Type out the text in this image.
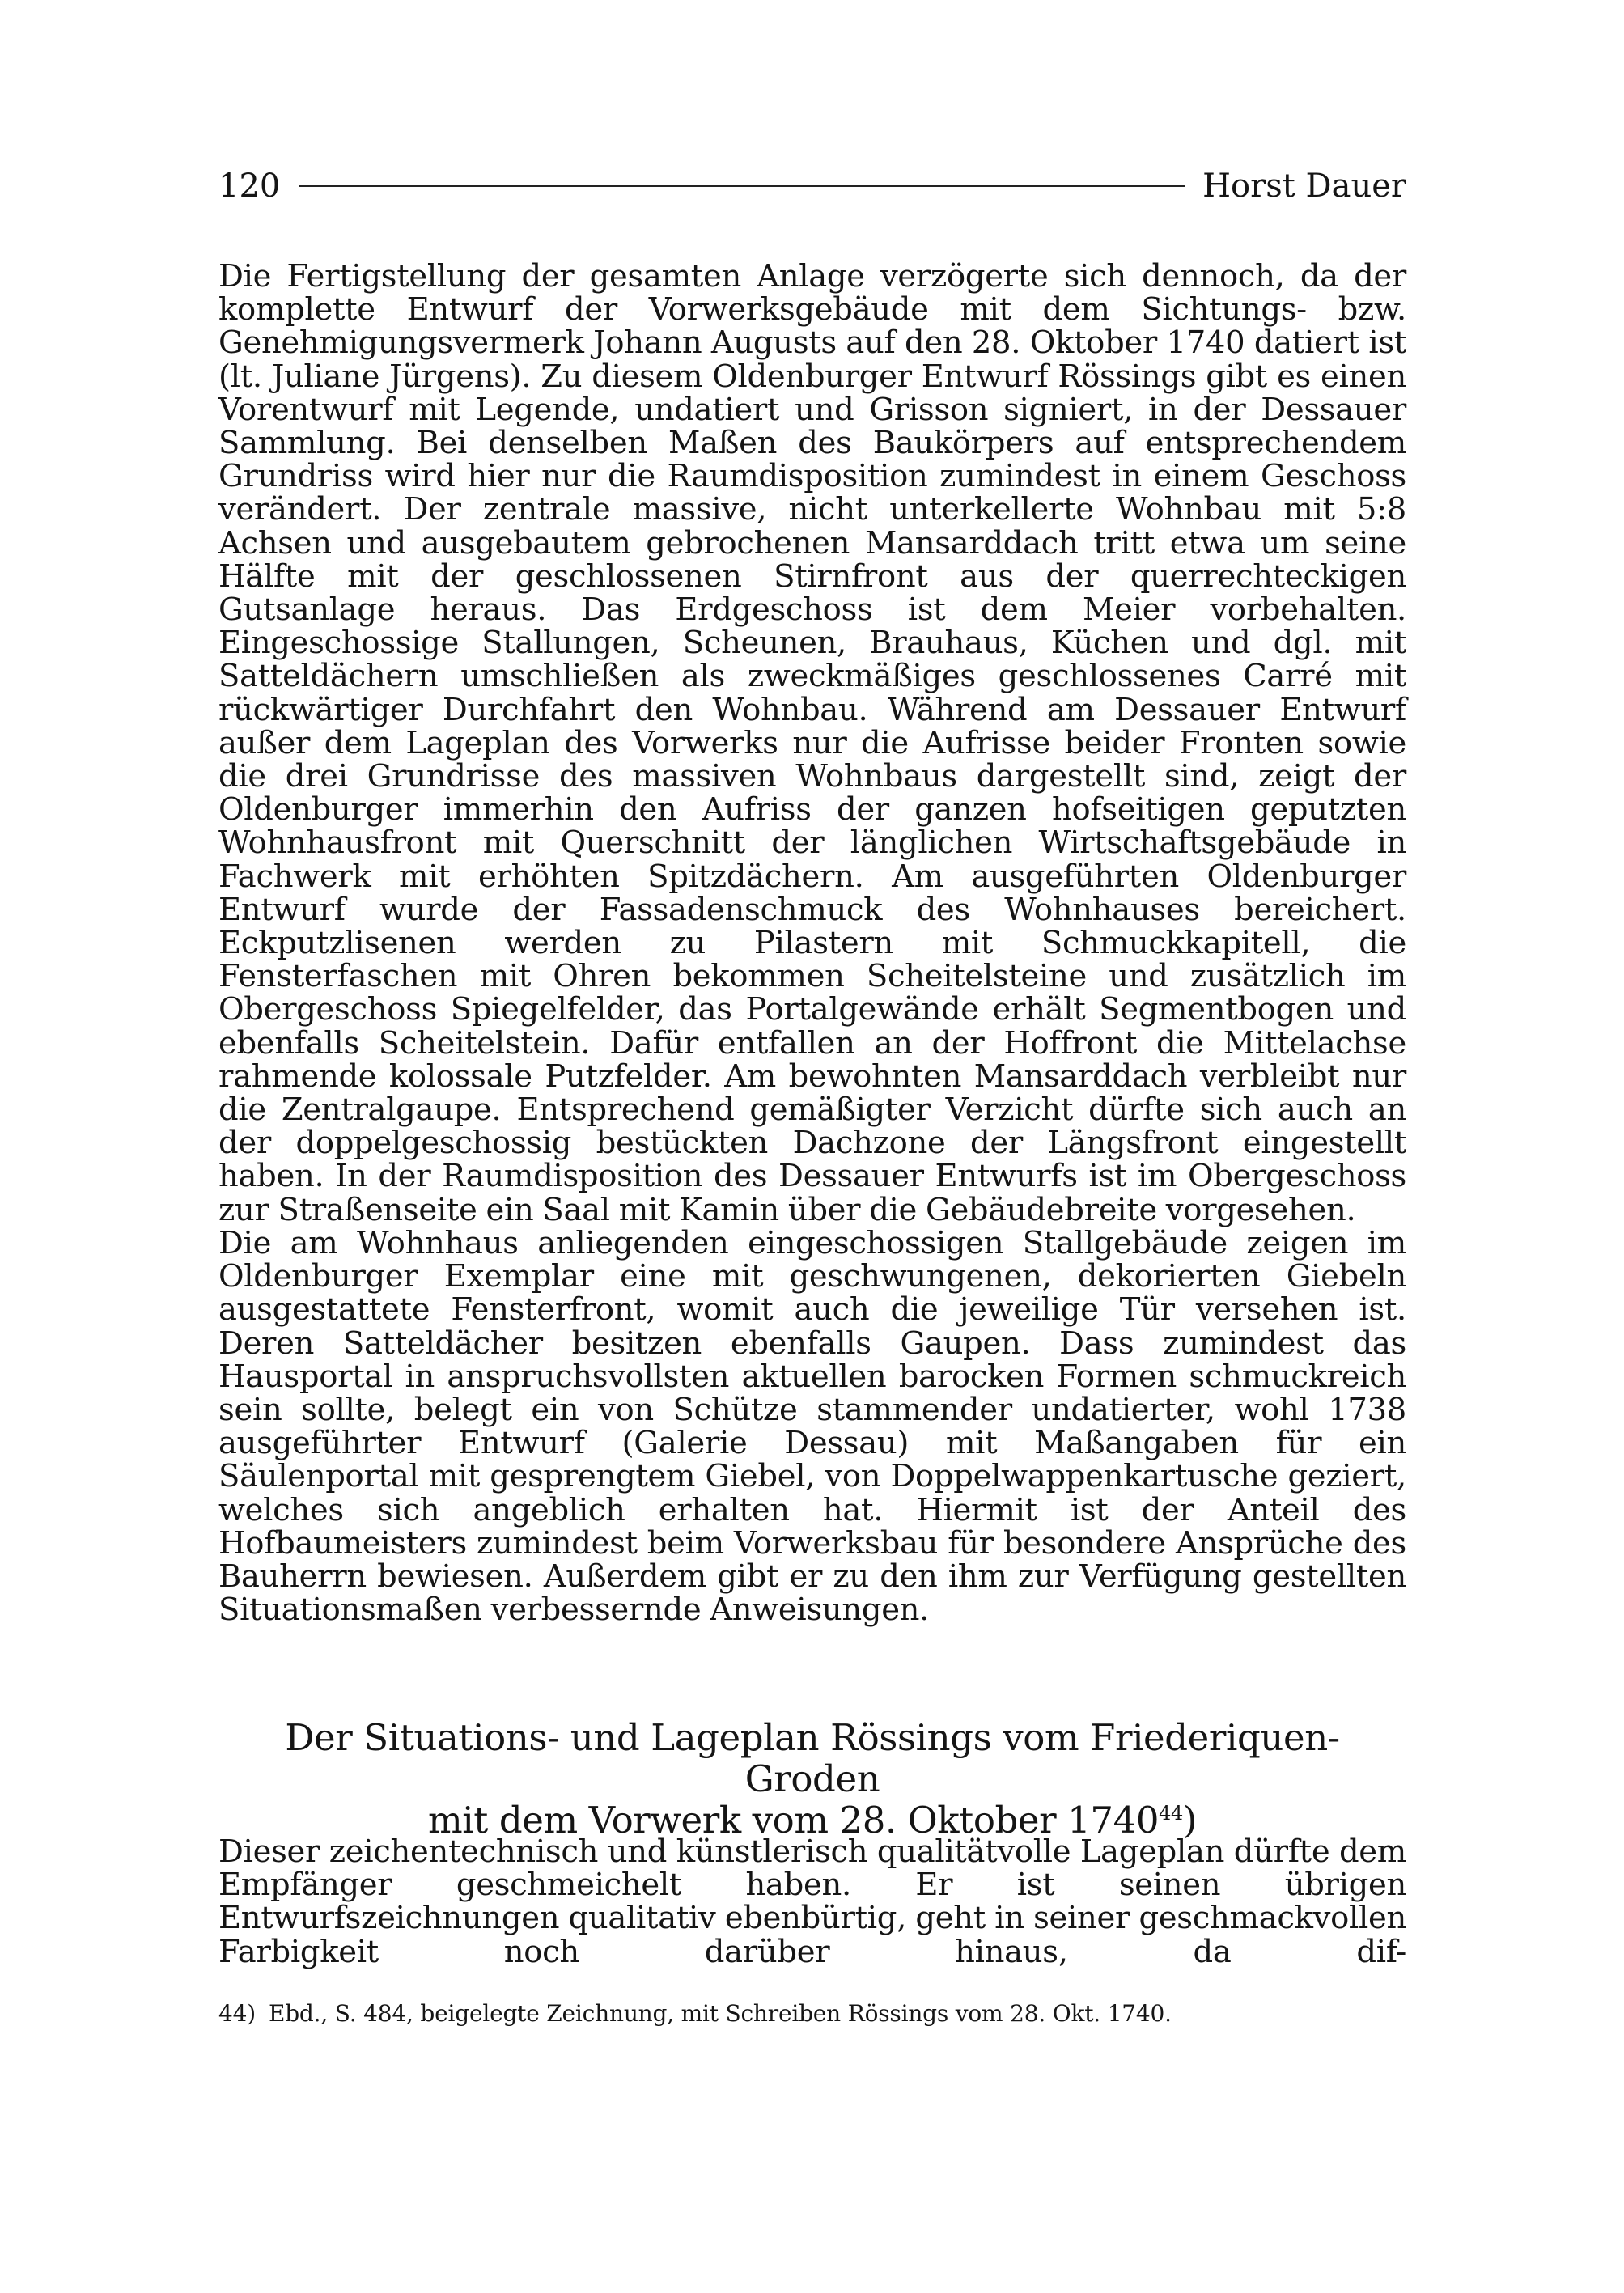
120	Horst Dauer

Die Fertigstellung der gesamten Anlage verzögerte sich dennoch, da der komplette Entwurf der Vorwerksgebäude mit dem Sichtungs- bzw. Genehmigungsvermerk Johann Augusts auf den 28. Oktober 1740 datiert ist (lt. Juliane Jürgens). Zu diesem Oldenburger Entwurf Rössings gibt es einen Vorentwurf mit Legende, undatiert und Grisson signiert, in der Dessauer Sammlung. Bei denselben Maßen des Baukörpers auf entsprechendem Grundriss wird hier nur die Raumdisposition zumindest in einem Geschoss verändert. Der zentrale massive, nicht unterkellerte Wohnbau mit 5:8 Achsen und ausgebautem gebrochenen Mansarddach tritt etwa um seine Hälfte mit der geschlossenen Stirnfront aus der querrechteckigen Gutsanlage heraus. Das Erdgeschoss ist dem Meier vorbehalten. Eingeschossige Stallungen, Scheunen, Brauhaus, Küchen und dgl. mit Satteldächern umschließen als zweckmäßiges geschlossenes Carré mit rückwärtiger Durchfahrt den Wohnbau. Während am Dessauer Entwurf außer dem Lageplan des Vorwerks nur die Aufrisse beider Fronten sowie die drei Grundrisse des massiven Wohnbaus dargestellt sind, zeigt der Oldenburger immerhin den Aufriss der ganzen hofseitigen geputzten Wohnhausfront mit Querschnitt der länglichen Wirtschaftsgebäude in Fachwerk mit erhöhten Spitzdächern. Am ausgeführten Oldenburger Entwurf wurde der Fassadenschmuck des Wohnhauses bereichert. Eckputzlisenen werden zu Pilastern mit Schmuckkapitell, die Fensterfaschen mit Ohren bekommen Scheitelsteine und zusätzlich im Obergeschoss Spiegelfelder, das Portalgewände erhält Segmentbogen und ebenfalls Scheitelstein. Dafür entfallen an der Hoffront die Mittelachse rahmende kolossale Putzfelder. Am bewohnten Mansarddach verbleibt nur die Zentralgaupe. Entsprechend gemäßigter Verzicht dürfte sich auch an der doppelgeschossig bestückten Dachzone der Längsfront eingestellt haben. In der Raumdisposition des Dessauer Entwurfs ist im Obergeschoss zur Straßenseite ein Saal mit Kamin über die Gebäudebreite vorgesehen.

Die am Wohnhaus anliegenden eingeschossigen Stallgebäude zeigen im Oldenburger Exemplar eine mit geschwungenen, dekorierten Giebeln ausgestattete Fensterfront, womit auch die jeweilige Tür versehen ist. Deren Satteldächer besitzen ebenfalls Gaupen. Dass zumindest das Hausportal in anspruchsvollsten aktuellen barocken Formen schmuckreich sein sollte, belegt ein von Schütze stammender undatierter, wohl 1738 ausgeführter Entwurf (Galerie Dessau) mit Maßangaben für ein Säulenportal mit gesprengtem Giebel, von Doppelwappenkartusche geziert, welches sich angeblich erhalten hat. Hiermit ist der Anteil des Hofbaumeisters zumindest beim Vorwerksbau für besondere Ansprüche des Bauherrn bewiesen. Außerdem gibt er zu den ihm zur Verfügung gestellten Situationsmaßen verbessernde Anweisungen.

Der Situations- und Lageplan Rössings vom Friederiquen-Groden
mit dem Vorwerk vom 28. Oktober 1740$^{44}$)

Dieser zeichentechnisch und künstlerisch qualitätvolle Lageplan dürfte dem Empfänger geschmeichelt haben. Er ist seinen übrigen Entwurfszeichnungen qualitativ ebenbürtig, geht in seiner geschmackvollen Farbigkeit noch darüber hinaus, da dif-

44) Ebd., S. 484, beigelegte Zeichnung, mit Schreiben Rössings vom 28. Okt. 1740.
